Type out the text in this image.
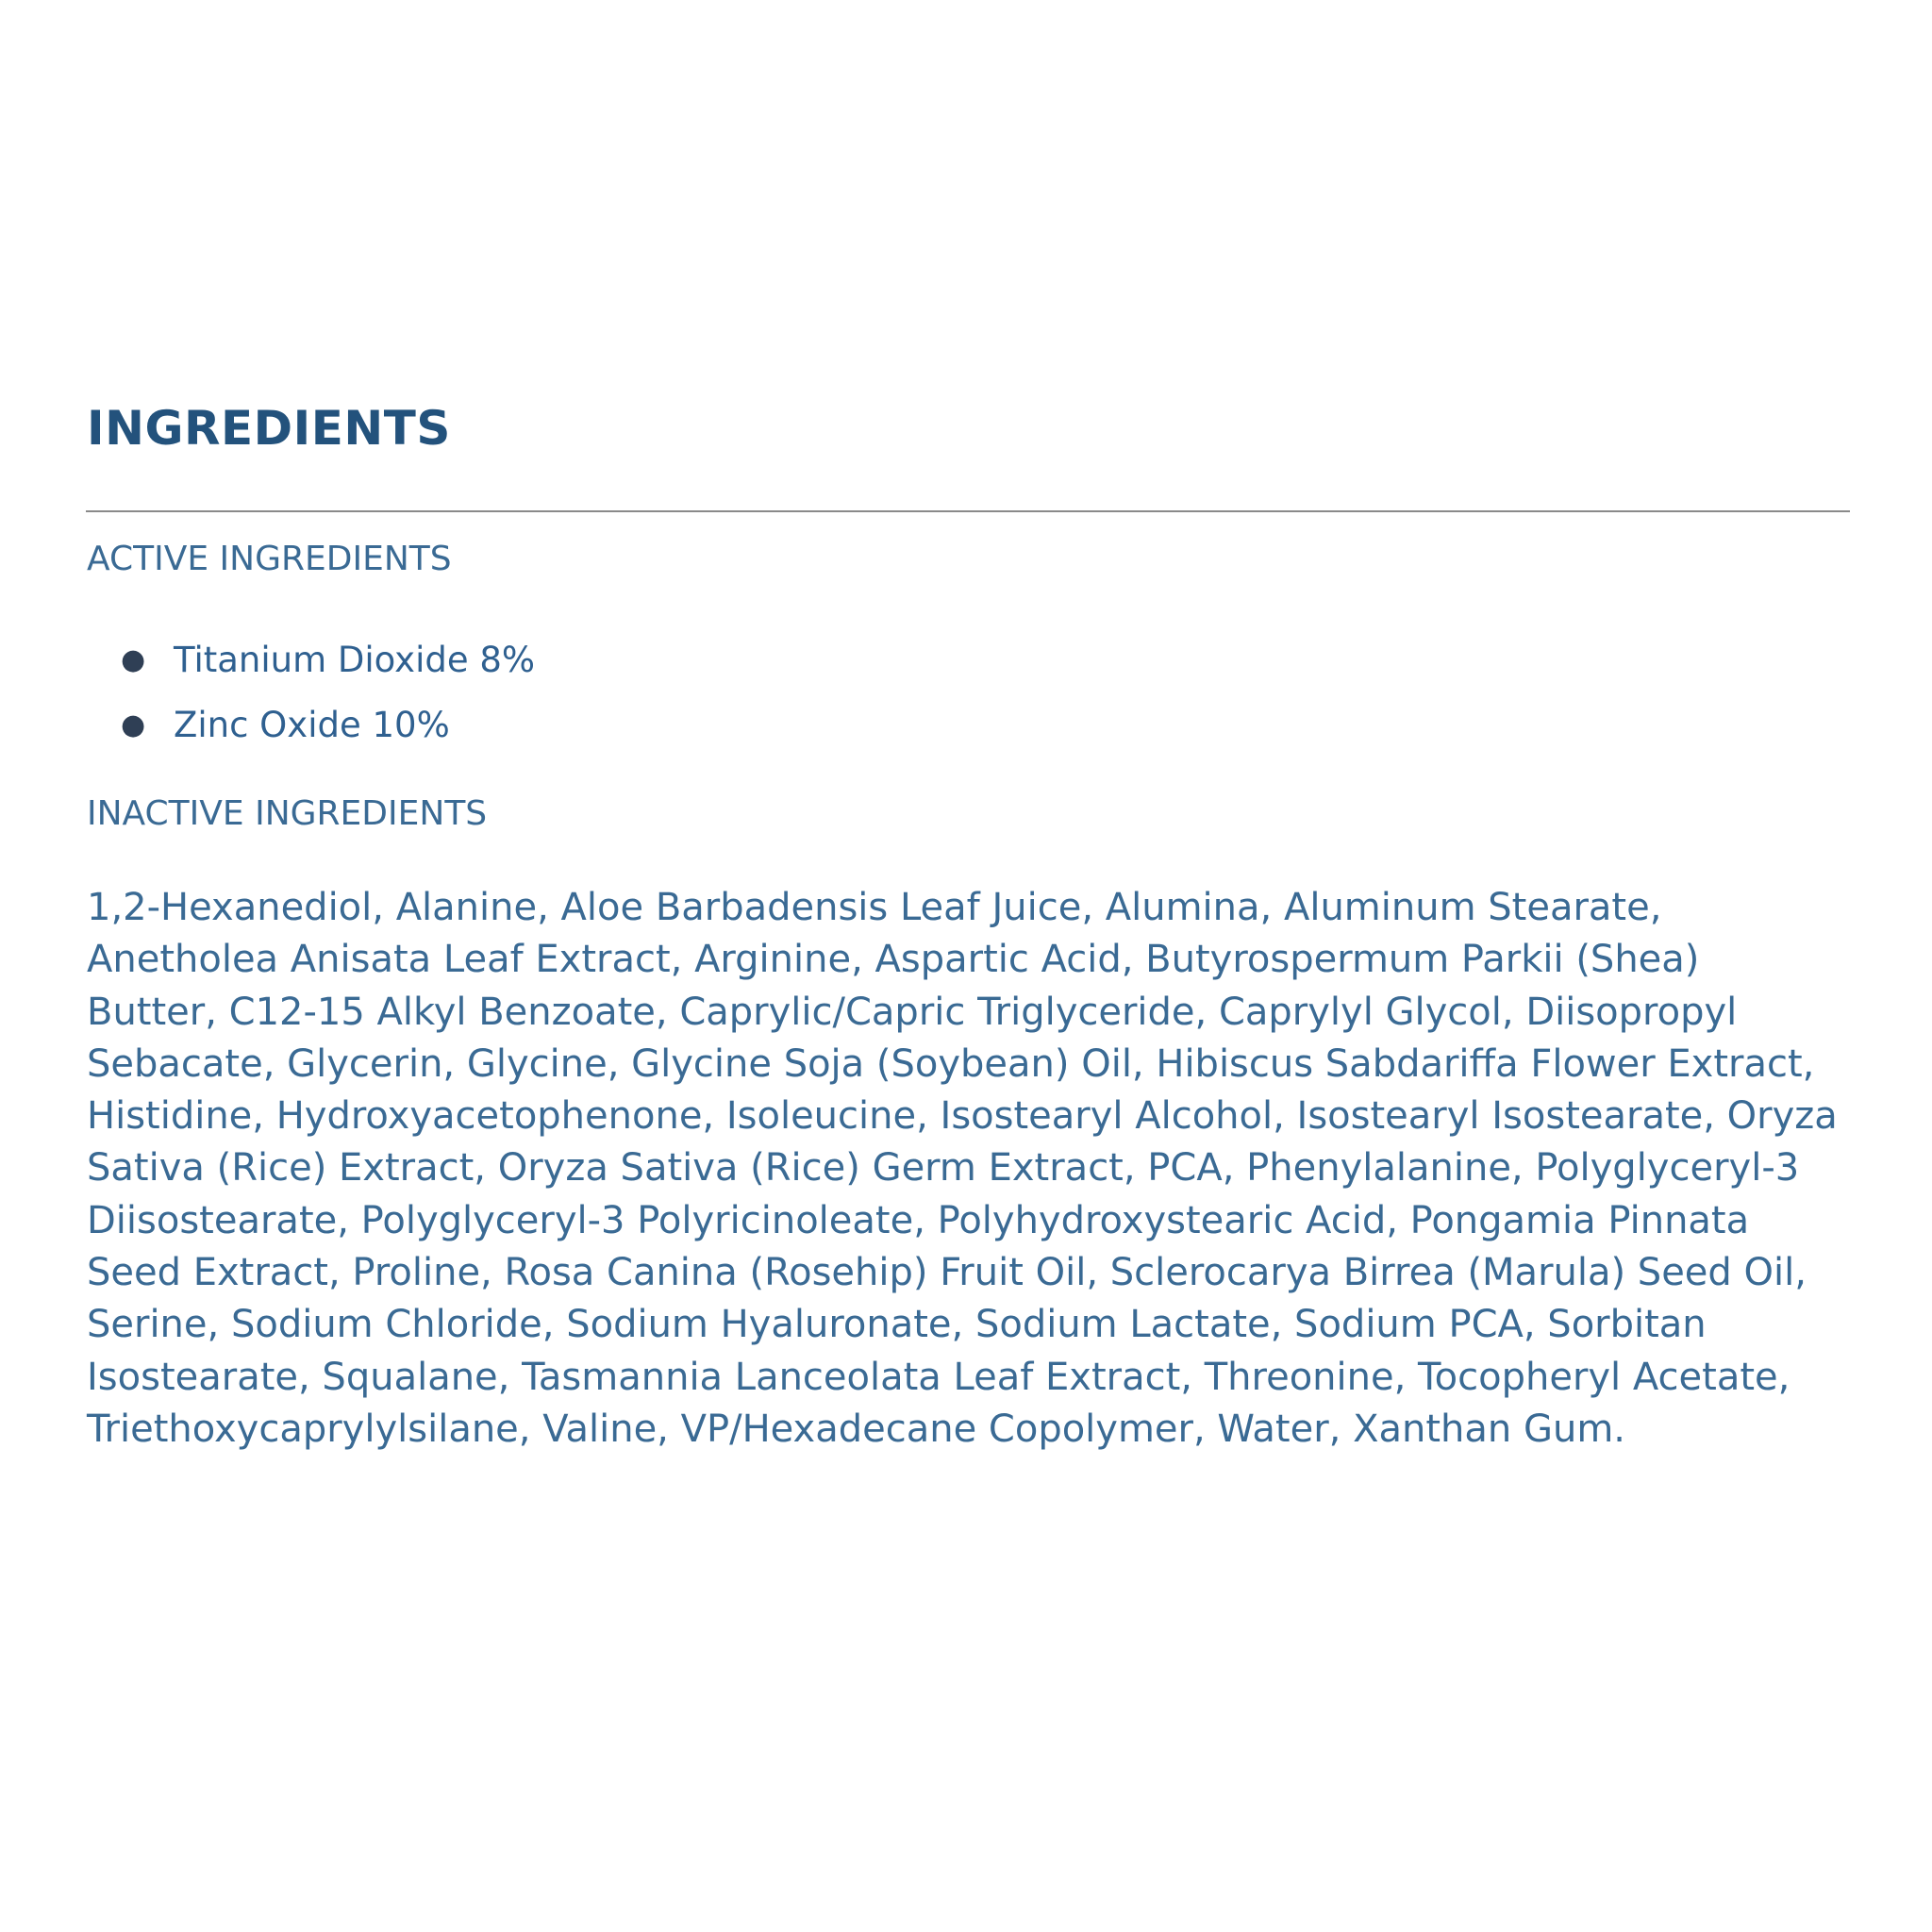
INGREDIENTS
ACTIVE INGREDIENTS
● Titanium Dioxide 8%
● Zinc Oxide 10%
INACTIVE INGREDIENTS

1,2-Hexanediol, Alanine, Aloe Barbadensis Leaf Juice, Alumina, Aluminum Stearate, Anetholea Anisata Leaf Extract, Arginine, Aspartic Acid, Butyrospermum Parkii (Shea) Butter, C12-15 Alkyl Benzoate, Caprylic/Capric Triglyceride, Caprylyl Glycol, Diisopropyl Sebacate, Glycerin, Glycine, Glycine Soja (Soybean) Oil, Hibiscus Sabdariffa Flower Extract, Histidine, Hydroxyacetophenone, Isoleucine, Isostearyl Alcohol, Isostearyl Isostearate, Oryza Sativa (Rice) Extract, Oryza Sativa (Rice) Germ Extract, PCA, Phenylalanine, Polyglyceryl-3 Diisostearate, Polyglyceryl-3 Polyricinoleate, Polyhydroxystearic Acid, Pongamia Pinnata Seed Extract, Proline, Rosa Canina (Rosehip) Fruit Oil, Sclerocarya Birrea (Marula) Seed Oil, Serine, Sodium Chloride, Sodium Hyaluronate, Sodium Lactate, Sodium PCA, Sorbitan Isostearate, Squalane, Tasmannia Lanceolata Leaf Extract, Threonine, Tocopheryl Acetate, Triethoxycaprylylsilane, Valine, VP/Hexadecane Copolymer, Water, Xanthan Gum.
